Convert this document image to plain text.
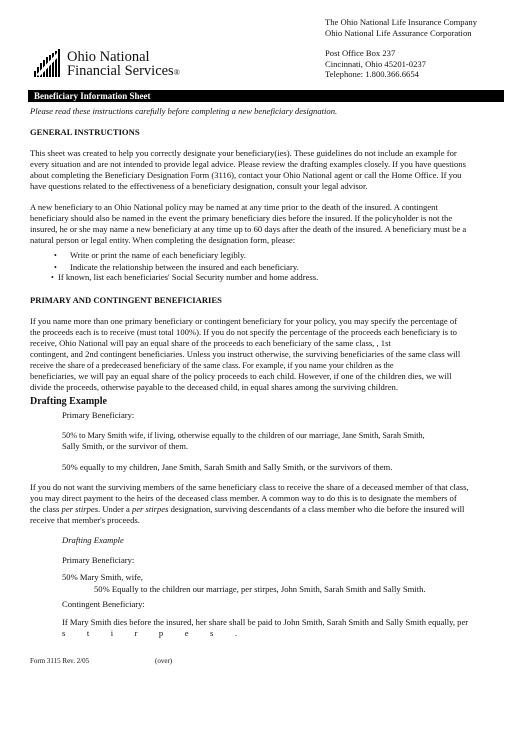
Ohio National
Financial Services®
The Ohio National Life Insurance Company
Ohio National Life Assurance Corporation
Post Office Box 237
Cincinnati, Ohio 45201-0237
Telephone: 1.800.366.6654
Beneficiary Information Sheet
Please read these instructions carefully before completing a new beneficiary designation.
GENERAL INSTRUCTIONS
This sheet was created to help you correctly designate your beneficiary(ies). These guidelines do not include an example for
every situation and are not intended to provide legal advice. Please review the drafting examples closely. If you have questions
about completing the Beneficiary Designation Form (3116), contact your Ohio National agent or call the Home Office. If you
have questions related to the effectiveness of a beneficiary designation, consult your legal advisor.
A new beneficiary to an Ohio National policy may be named at any time prior to the death of the insured. A contingent
beneficiary should also be named in the event the primary beneficiary dies before the insured. If the policyholder is not the
insured, he or she may name a new beneficiary at any time up to 60 days after the death of the insured. A beneficiary must be a
natural person or legal entity. When completing the designation form, please:
• Write or print the name of each beneficiary legibly.
• Indicate the relationship between the insured and each beneficiary.
• If known, list each beneficiaries' Social Security number and home address.
PRIMARY AND CONTINGENT BENEFICIARIES
If you name more than one primary beneficiary or contingent beneficiary for your policy, you may specify the percentage of
the proceeds each is to receive (must total 100%). If you do not specify the percentage of the proceeds each beneficiary is to
receive, Ohio National will pay an equal share of the proceeds to each beneficiary of the same class, , 1st
contingent, and 2nd contingent beneficiaries. Unless you instruct otherwise, the surviving beneficiaries of the same class will
receive the share of a predeceased beneficiary of the same class. For example, if you name your children as the
beneficiaries, we will pay an equal share of the policy proceeds to each child. However, if one of the children dies, we will
divide the proceeds, otherwise payable to the deceased child, in equal shares among the surviving children.
Drafting Example
Primary Beneficiary:
50% to Mary Smith wife, if living, otherwise equally to the children of our marriage, Jane Smith, Sarah Smith,
Sally Smith, or the survivor of them.
50% equally to my children, Jane Smith, Sarah Smith and Sally Smith, or the survivors of them.
If you do not want the surviving members of the same beneficiary class to receive the share of a deceased member of that class,
you may direct payment to the heirs of the deceased class member. A common way to do this is to designate the members of
the class per stirpes. Under a per stirpes designation, surviving descendants of a class member who die before the insured will
receive that member's proceeds.
Drafting Example
Primary Beneficiary:
50% Mary Smith, wife,
50% Equally to the children our marriage, per stirpes, John Smith, Sarah Smith and Sally Smith.
Contingent Beneficiary:
If Mary Smith dies before the insured, her share shall be paid to John Smith, Sarah Smith and Sally Smith equally, per
s          t          i          r          p          e          s          .
Form 3115 Rev. 2/05	(over)
